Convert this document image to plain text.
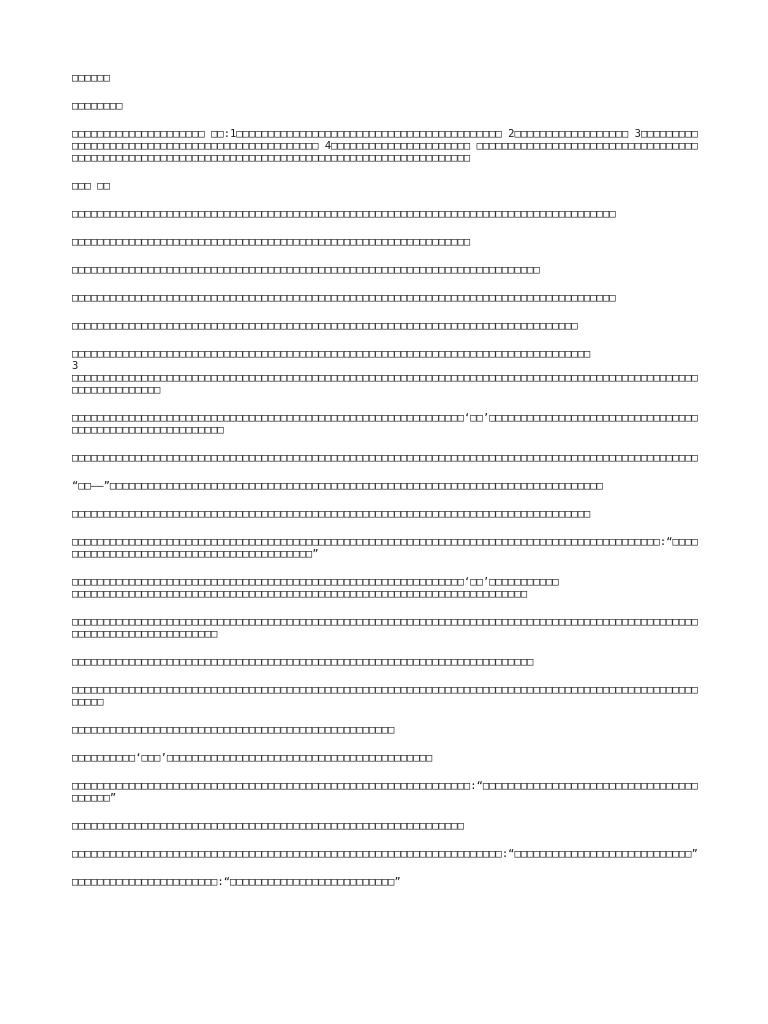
□□□□□□

□□□□□□□□

□□□□□□□□□□□□□□□□□□□□□ □□:1□□□□□□□□□□□□□□□□□□□□□□□□□□□□□□□□□□□□□□□□□□ 2□□□□□□□□□□□□□□□□□□ 3□□□□□□□□□□□□□□□□□□□□□□□□□□□□□□□□□□□□□□□□□□□□□□□□ 4□□□□□□□□□□□□□□□□□□□□□□ □□□□□□□□□□□□□□□□□□□□□□□□□□□□□□□□□□□□□□□□□□□□□□□□□□□□□□□□□□□□□□□□□□□□□□□□□□□□□□□□□□□□□□□□□□□□□□□□□□

□□□ □□

□□□□□□□□□□□□□□□□□□□□□□□□□□□□□□□□□□□□□□□□□□□□□□□□□□□□□□□□□□□□□□□□□□□□□□□□□□□□□□□□□□□□□□

□□□□□□□□□□□□□□□□□□□□□□□□□□□□□□□□□□□□□□□□□□□□□□□□□□□□□□□□□□□□□□□

□□□□□□□□□□□□□□□□□□□□□□□□□□□□□□□□□□□□□□□□□□□□□□□□□□□□□□□□□□□□□□□□□□□□□□□□□□

□□□□□□□□□□□□□□□□□□□□□□□□□□□□□□□□□□□□□□□□□□□□□□□□□□□□□□□□□□□□□□□□□□□□□□□□□□□□□□□□□□□□□□

□□□□□□□□□□□□□□□□□□□□□□□□□□□□□□□□□□□□□□□□□□□□□□□□□□□□□□□□□□□□□□□□□□□□□□□□□□□□□□□□

□□□□□□□□□□□□□□□□□□□□□□□□□□□□□□□□□□□□□□□□□□□□□□□□□□□□□□□□□□□□□□□□□□□□□□□□□□□□□□□□□□
3
□□□□□□□□□□□□□□□□□□□□□□□□□□□□□□□□□□□□□□□□□□□□□□□□□□□□□□□□□□□□□□□□□□□□□□□□□□□□□□□□□□□□□□□□□□□□□□□□□□□□□□□□□□□□□□□□□

□□□□□□□□□□□□□□□□□□□□□□□□□□□□□□□□□□□□□□□□□□□□□□□□□□□□□□□□□□□□□□‘□□’□□□□□□□□□□□□□□□□□□□□□□□□□□□□□□□□□□□□□□□□□□□□□□□□□□□□□□□□□

□□□□□□□□□□□□□□□□□□□□□□□□□□□□□□□□□□□□□□□□□□□□□□□□□□□□□□□□□□□□□□□□□□□□□□□□□□□□□□□□□□□□□□□□□□□□□□□□□□□

“□□——”□□□□□□□□□□□□□□□□□□□□□□□□□□□□□□□□□□□□□□□□□□□□□□□□□□□□□□□□□□□□□□□□□□□□□□□□□□□□□□

□□□□□□□□□□□□□□□□□□□□□□□□□□□□□□□□□□□□□□□□□□□□□□□□□□□□□□□□□□□□□□□□□□□□□□□□□□□□□□□□□□

□□□□□□□□□□□□□□□□□□□□□□□□□□□□□□□□□□□□□□□□□□□□□□□□□□□□□□□□□□□□□□□□□□□□□□□□□□□□□□□□□□□□□□□□□□□□□:“□□□□□□□□□□□□□□□□□□□□□□□□□□□□□□□□□□□□□□□□□□”

□□□□□□□□□□□□□□□□□□□□□□□□□□□□□□□□□□□□□□□□□□□□□□□□□□□□□□□□□□□□□□‘□□’□□□□□□□□□□□
□□□□□□□□□□□□□□□□□□□□□□□□□□□□□□□□□□□□□□□□□□□□□□□□□□□□□□□□□□□□□□□□□□□□□□□□

□□□□□□□□□□□□□□□□□□□□□□□□□□□□□□□□□□□□□□□□□□□□□□□□□□□□□□□□□□□□□□□□□□□□□□□□□□□□□□□□□□□□□□□□□□□□□□□□□□□□□□□□□□□□□□□□□□□□□□□□□□

□□□□□□□□□□□□□□□□□□□□□□□□□□□□□□□□□□□□□□□□□□□□□□□□□□□□□□□□□□□□□□□□□□□□□□□□□

□□□□□□□□□□□□□□□□□□□□□□□□□□□□□□□□□□□□□□□□□□□□□□□□□□□□□□□□□□□□□□□□□□□□□□□□□□□□□□□□□□□□□□□□□□□□□□□□□□□□□□□□

□□□□□□□□□□□□□□□□□□□□□□□□□□□□□□□□□□□□□□□□□□□□□□□□□□□

□□□□□□□□□□‘□□□’□□□□□□□□□□□□□□□□□□□□□□□□□□□□□□□□□□□□□□□□□□

□□□□□□□□□□□□□□□□□□□□□□□□□□□□□□□□□□□□□□□□□□□□□□□□□□□□□□□□□□□□□□□:“□□□□□□□□□□□□□□□□□□□□□□□□□□□□□□□□□□□□□□□□”

□□□□□□□□□□□□□□□□□□□□□□□□□□□□□□□□□□□□□□□□□□□□□□□□□□□□□□□□□□□□□□

□□□□□□□□□□□□□□□□□□□□□□□□□□□□□□□□□□□□□□□□□□□□□□□□□□□□□□□□□□□□□□□□□□□□:“□□□□□□□□□□□□□□□□□□□□□□□□□□□□”

□□□□□□□□□□□□□□□□□□□□□□□:“□□□□□□□□□□□□□□□□□□□□□□□□□□”
